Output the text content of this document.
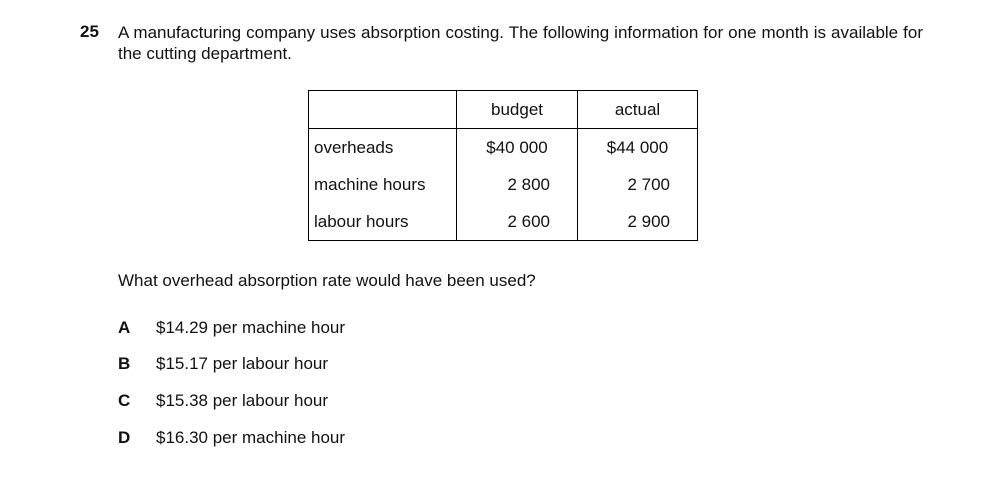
25 A manufacturing company uses absorption costing. The following information for one month is available for the cutting department.
	budget	actual
overheads	$40 000	$44 000
machine hours	2 800	2 700
labour hours	2 600	2 900
What overhead absorption rate would have been used?
A	$14.29 per machine hour
B	$15.17 per labour hour
C	$15.38 per labour hour
D	$16.30 per machine hour
